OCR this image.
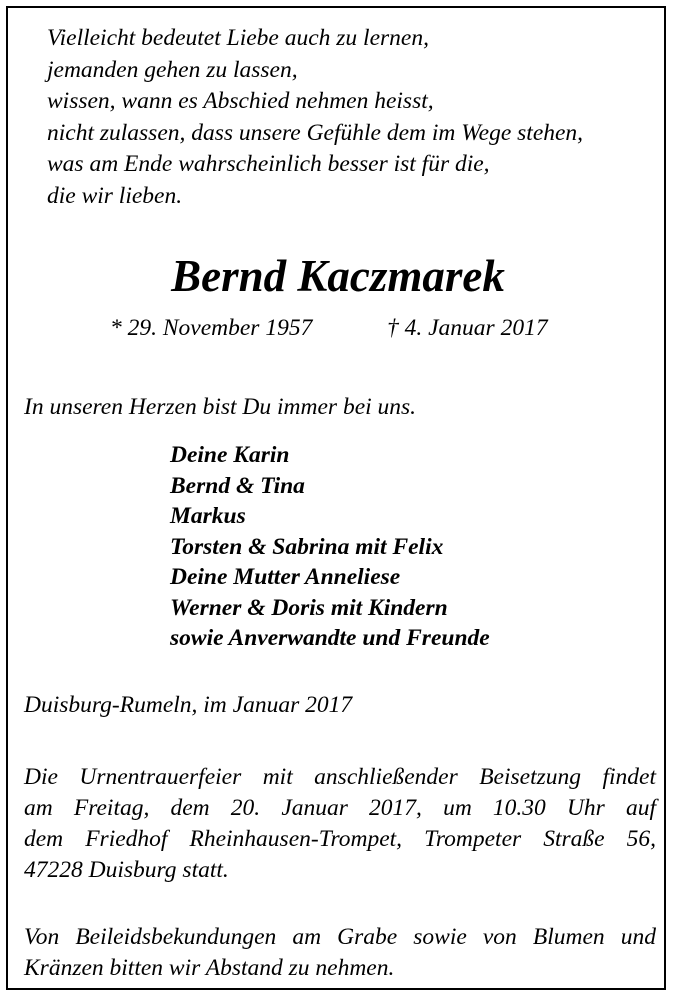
Vielleicht bedeutet Liebe auch zu lernen,
jemanden gehen zu lassen,
wissen, wann es Abschied nehmen heisst,
nicht zulassen, dass unsere Gefühle dem im Wege stehen,
was am Ende wahrscheinlich besser ist für die,
die wir lieben.
Bernd Kaczmarek
* 29. November 1957	† 4. Januar 2017
In unseren Herzen bist Du immer bei uns.
Deine Karin
Bernd & Tina
Markus
Torsten & Sabrina mit Felix
Deine Mutter Anneliese
Werner & Doris mit Kindern
sowie Anverwandte und Freunde
Duisburg-Rumeln, im Januar 2017

Die Urnentrauerfeier mit anschließender Beisetzung findet
am Freitag, dem 20. Januar 2017, um 10.30 Uhr auf
dem Friedhof Rheinhausen-Trompet, Trompeter Straße 56,
47228 Duisburg statt.

Von Beileidsbekundungen am Grabe sowie von Blumen und
Kränzen bitten wir Abstand zu nehmen.
